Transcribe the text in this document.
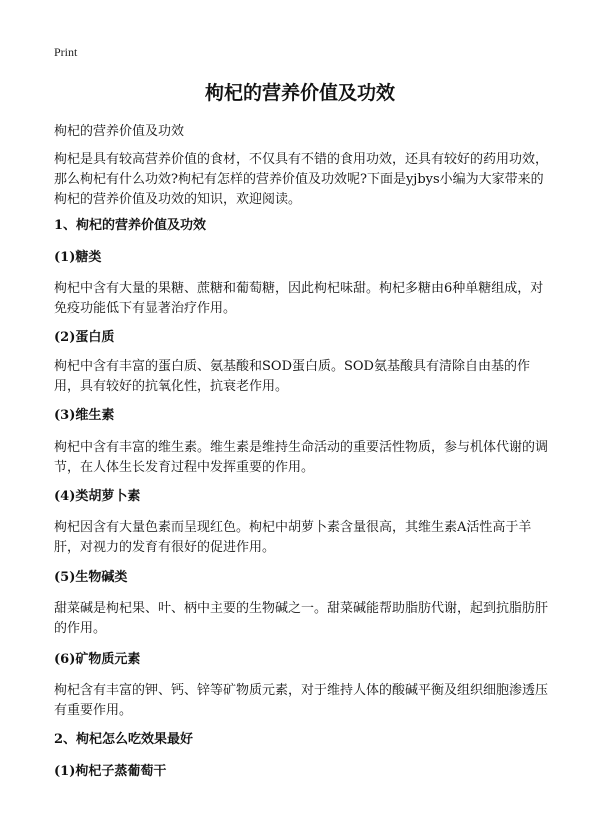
Print
枸杞的营养价值及功效

枸杞的营养价值及功效

枸杞是具有较高营养价值的食材，不仅具有不错的食用功效，还具有较好的药用功效，那么枸杞有什么功效?枸杞有怎样的营养价值及功效呢?下面是yjbys小编为大家带来的枸杞的营养价值及功效的知识，欢迎阅读。

1、枸杞的营养价值及功效

(1)糖类

枸杞中含有大量的果糖、蔗糖和葡萄糖，因此枸杞味甜。枸杞多糖由6种单糖组成，对免疫功能低下有显著治疗作用。

(2)蛋白质

枸杞中含有丰富的蛋白质、氨基酸和SOD蛋白质。SOD氨基酸具有清除自由基的作用，具有较好的抗氧化性，抗衰老作用。

(3)维生素

枸杞中含有丰富的维生素。维生素是维持生命活动的重要活性物质，参与机体代谢的调节，在人体生长发育过程中发挥重要的作用。

(4)类胡萝卜素

枸杞因含有大量色素而呈现红色。枸杞中胡萝卜素含量很高，其维生素A活性高于羊肝，对视力的发育有很好的促进作用。

(5)生物碱类

甜菜碱是枸杞果、叶、柄中主要的生物碱之一。甜菜碱能帮助脂肪代谢，起到抗脂肪肝的作用。

(6)矿物质元素

枸杞含有丰富的钾、钙、锌等矿物质元素，对于维持人体的酸碱平衡及组织细胞渗透压有重要作用。

2、枸杞怎么吃效果最好

(1)枸杞子蒸葡萄干
